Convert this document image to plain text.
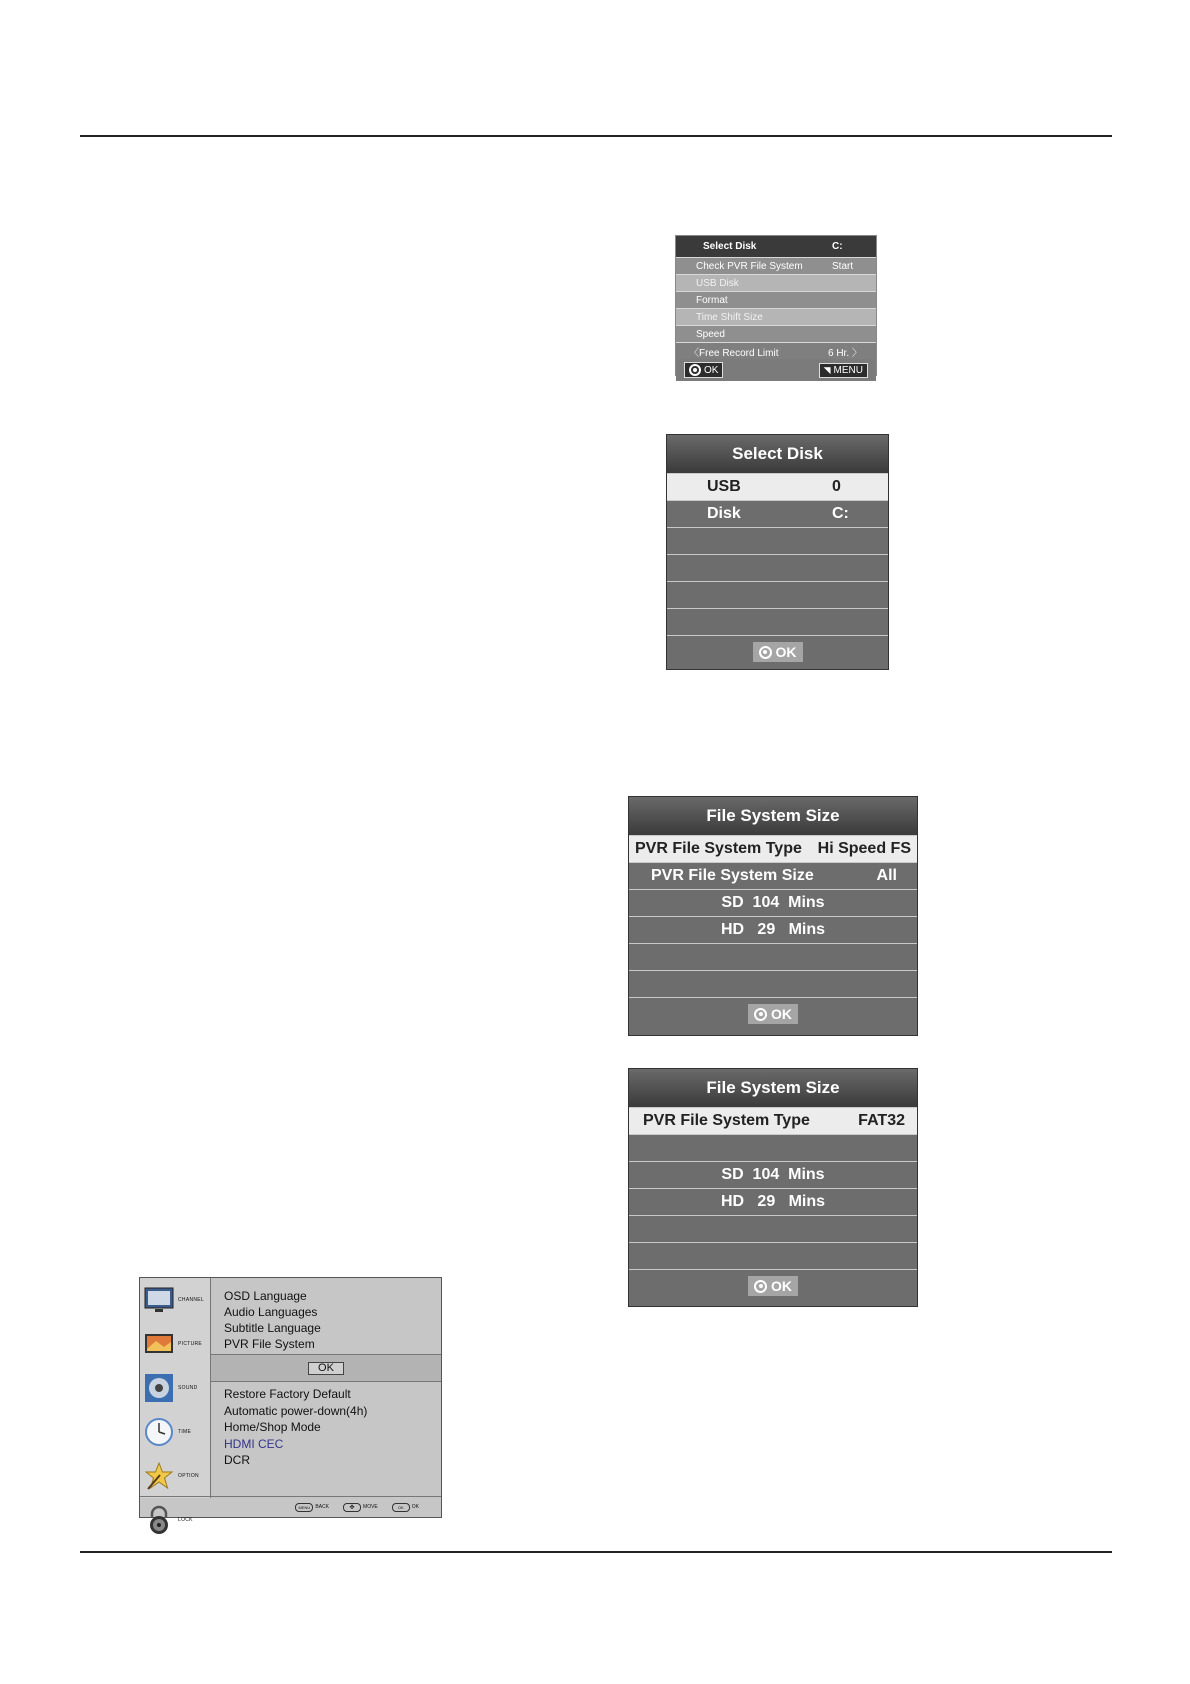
Select Disk	C:
Check PVR File System	Start
USB Disk
Format
Time Shift Size
Speed
〈Free Record Limit	6 Hr. 〉
OK	◥ MENU
Select Disk
USB	0
Disk	C:
OK
File System Size
PVR File System Type Hi Speed FS
PVR File System Size	All
SD  104  Mins
HD   29   Mins
OK
File System Size
PVR File System Type	FAT32
SD  104  Mins
HD   29   Mins
OK
CHANNEL
PICTURE
SOUND
TIME
OPTION
LOCK
OSD Language
Audio Languages
Subtitle Language
PVR File System
OK
Restore Factory Default
Automatic power-down(4h)
Home/Shop Mode
HDMI CEC
DCR
MENU	BACK	✥	MOVE	OK	OK
